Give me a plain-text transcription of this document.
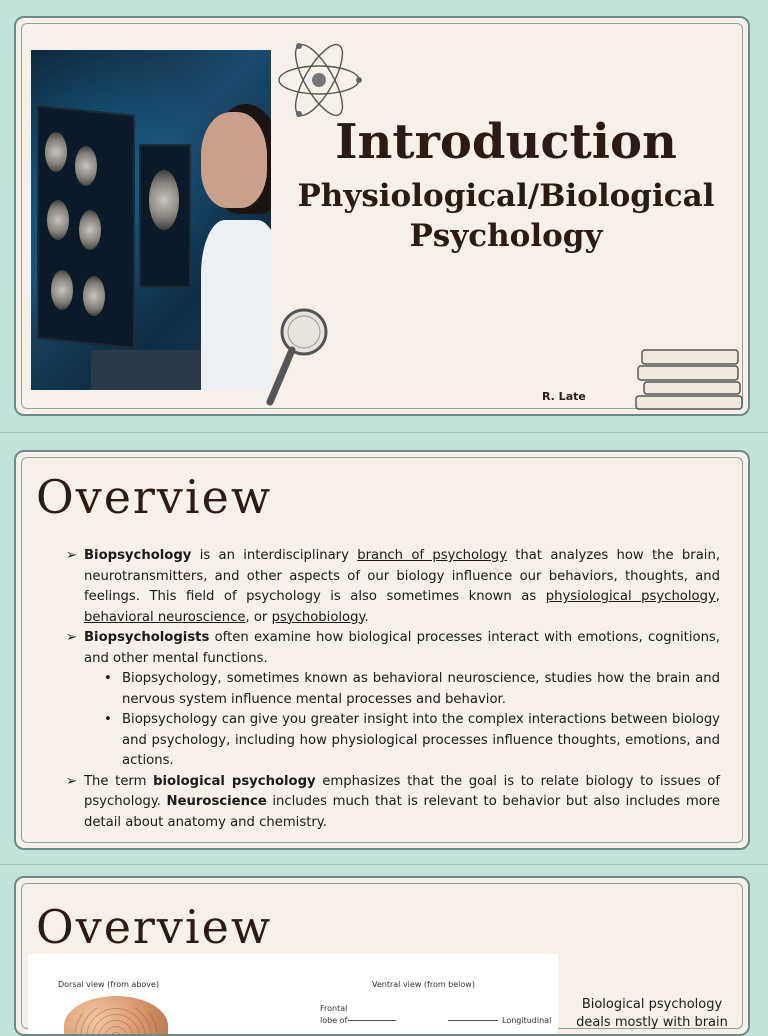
Introduction
Physiological/Biological Psychology
R. Late
Overview
➢ Biopsychology is an interdisciplinary branch of psychology that analyzes how the brain, neurotransmitters, and other aspects of our biology influence our behaviors, thoughts, and feelings. This field of psychology is also sometimes known as physiological psychology, behavioral neuroscience, or psychobiology.
➢ Biopsychologists often examine how biological processes interact with emotions, cognitions, and other mental functions.
• Biopsychology, sometimes known as behavioral neuroscience, studies how the brain and nervous system influence mental processes and behavior.
• Biopsychology can give you greater insight into the complex interactions between biology and psychology, including how physiological processes influence thoughts, emotions, and actions.
➢ The term biological psychology emphasizes that the goal is to relate biology to issues of psychology. Neuroscience includes much that is relevant to behavior but also includes more detail about anatomy and chemistry.
Overview
Dorsal view (from above)	Ventral view (from below)
Frontal
lobe of	Longitudinal
Biological psychology deals mostly with brain
